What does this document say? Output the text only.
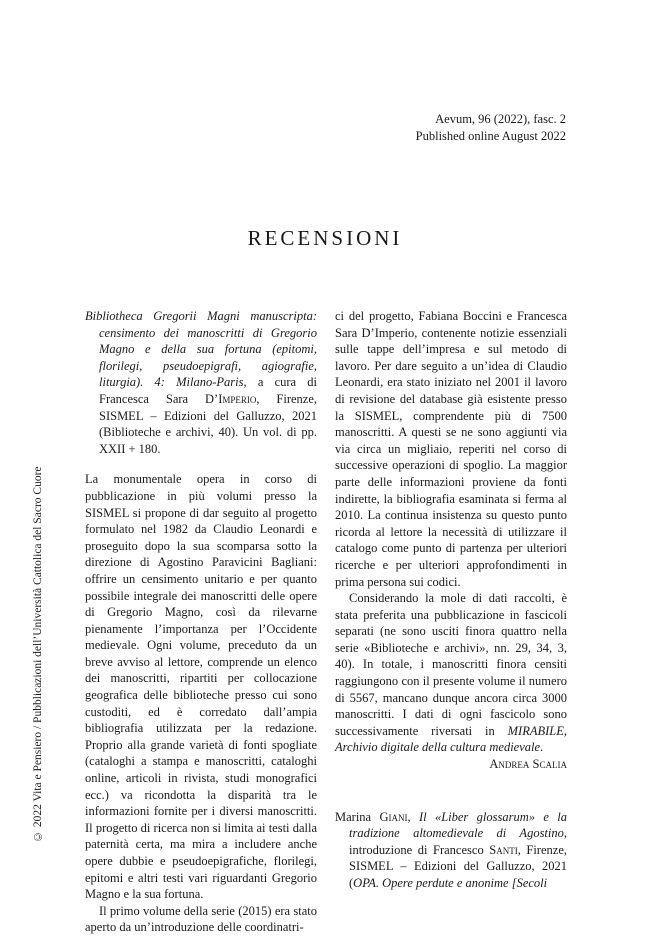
Aevum, 96 (2022), fasc. 2
Published online August 2022
RECENSIONI
© 2022 Vita e Pensiero / Pubblicazioni dell’Università Cattolica del Sacro Cuore

Bibliotheca Gregorii Magni manuscripta: censimento dei manoscritti di Gregorio Magno e della sua fortuna (epitomi, florilegi, pseudoepigrafi, agiografie, liturgia). 4: Milano-Paris, a cura di Francesca Sara D’Imperio, Firenze, SISMEL – Edizioni del Galluzzo, 2021 (Biblioteche e archivi, 40). Un vol. di pp. XXII + 180.

La monumentale opera in corso di pubblicazione in più volumi presso la SISMEL si propone di dar seguito al progetto formulato nel 1982 da Claudio Leonardi e proseguito dopo la sua scomparsa sotto la direzione di Agostino Paravicini Bagliani: offrire un censimento unitario e per quanto possibile integrale dei manoscritti delle opere di Gregorio Magno, così da rilevarne pienamente l’importanza per l’Occidente medievale. Ogni volume, preceduto da un breve avviso al lettore, comprende un elenco dei manoscritti, ripartiti per collocazione geografica delle biblioteche presso cui sono custoditi, ed è corredato dall’ampia bibliografia utilizzata per la redazione. Proprio alla grande varietà di fonti spogliate (cataloghi a stampa e manoscritti, cataloghi online, articoli in rivista, studi monografici ecc.) va ricondotta la disparità tra le informazioni fornite per i diversi manoscritti. Il progetto di ricerca non si limita ai testi dalla paternità certa, ma mira a includere anche opere dubbie e pseudoepigrafiche, florilegi, epitomi e altri testi vari riguardanti Gregorio Magno e la sua fortuna.

Il primo volume della serie (2015) era stato aperto da un’introduzione delle coordinatri-

ci del progetto, Fabiana Boccini e Francesca Sara D’Imperio, contenente notizie essenziali sulle tappe dell’impresa e sul metodo di lavoro. Per dare seguito a un’idea di Claudio Leonardi, era stato iniziato nel 2001 il lavoro di revisione del database già esistente presso la SISMEL, comprendente più di 7500 manoscritti. A questi se ne sono aggiunti via via circa un migliaio, reperiti nel corso di successive operazioni di spoglio. La maggior parte delle informazioni proviene da fonti indirette, la bibliografia esaminata si ferma al 2010. La continua insistenza su questo punto ricorda al lettore la necessità di utilizzare il catalogo come punto di partenza per ulteriori ricerche e per ulteriori approfondimenti in prima persona sui codici.

Considerando la mole di dati raccolti, è stata preferita una pubblicazione in fascicoli separati (ne sono usciti finora quattro nella serie «Biblioteche e archivi», nn. 29, 34, 3, 40). In totale, i manoscritti finora censiti raggiungono con il presente volume il numero di 5567, mancano dunque ancora circa 3000 manoscritti. I dati di ogni fascicolo sono successivamente riversati in MIRABILE, Archivio digitale della cultura medievale.

Andrea Scalia

Marina Giani, Il «Liber glossarum» e la tradizione altomedievale di Agostino, introduzione di Francesco Santi, Firenze, SISMEL – Edizioni del Galluzzo, 2021 (OPA. Opere perdute e anonime [Secoli
